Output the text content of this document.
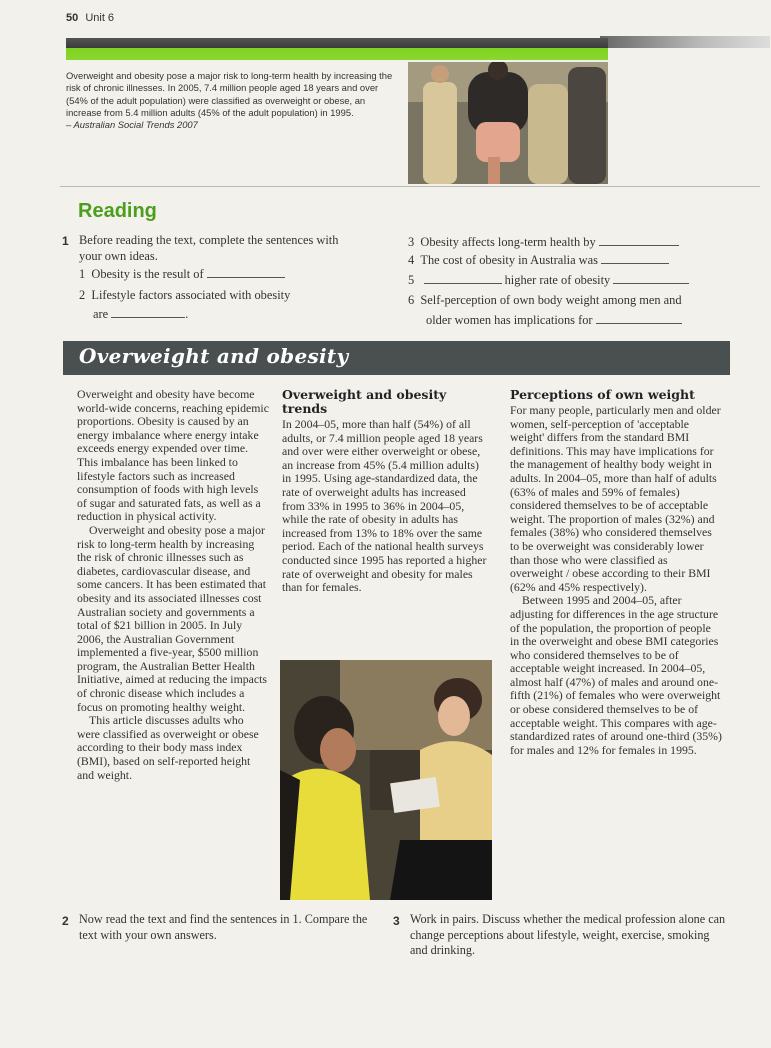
50 Unit 6
Overweight and obesity pose a major risk to long-term health by increasing the risk of chronic illnesses. In 2005, 7.4 million people aged 18 years and over (54% of the adult population) were classified as overweight or obese, an increase from 5.4 million adults (45% of the adult population) in 1995.
– Australian Social Trends 2007
Reading
1 Before reading the text, complete the sentences with your own ideas.
1  Obesity is the result of
2  Lifestyle factors associated with obesity
are	.
3  Obesity affects long-term health by
4  The cost of obesity in Australia was
5	higher rate of obesity
6  Self-perception of own body weight among men and
older women has implications for
Overweight and obesity

Overweight and obesity have become world-wide concerns, reaching epidemic proportions. Obesity is caused by an energy imbalance where energy intake exceeds energy expended over time. This imbalance has been linked to lifestyle factors such as increased consumption of foods with high levels of sugar and saturated fats, as well as a reduction in physical activity.

Overweight and obesity pose a major risk to long-term health by increasing the risk of chronic illnesses such as diabetes, cardiovascular disease, and some cancers. It has been estimated that obesity and its associated illnesses cost Australian society and governments a total of $21 billion in 2005. In July 2006, the Australian Government implemented a five-year, $500 million program, the Australian Better Health Initiative, aimed at reducing the impacts of chronic disease which includes a focus on promoting healthy weight.

This article discusses adults who were classified as overweight or obese according to their body mass index (BMI), based on self-reported height and weight.

Overweight and obesity trends

In 2004–05, more than half (54%) of all adults, or 7.4 million people aged 18 years and over were either overweight or obese, an increase from 45% (5.4 million adults) in 1995. Using age-standardized data, the rate of overweight adults has increased from 33% in 1995 to 36% in 2004–05, while the rate of obesity in adults has increased from 13% to 18% over the same period. Each of the national health surveys conducted since 1995 has reported a higher rate of overweight and obesity for males than for females.

Perceptions of own weight

For many people, particularly men and older women, self-perception of 'acceptable weight' differs from the standard BMI definitions. This may have implications for the management of healthy body weight in adults. In 2004–05, more than half of adults (63% of males and 59% of females) considered themselves to be of acceptable weight. The proportion of males (32%) and females (38%) who considered themselves to be overweight was considerably lower than those who were classified as overweight / obese according to their BMI (62% and 45% respectively).

Between 1995 and 2004–05, after adjusting for differences in the age structure of the population, the proportion of people in the overweight and obese BMI categories who considered themselves to be of acceptable weight increased. In 2004–05, almost half (47%) of males and around one-fifth (21%) of females who were overweight or obese considered themselves to be of acceptable weight. This compares with age-standardized rates of around one-third (35%) for males and 12% for females in 1995.

2 Now read the text and find the sentences in 1. Compare the text with your own answers.
3 Work in pairs. Discuss whether the medical profession alone can change perceptions about lifestyle, weight, exercise, smoking and drinking.
